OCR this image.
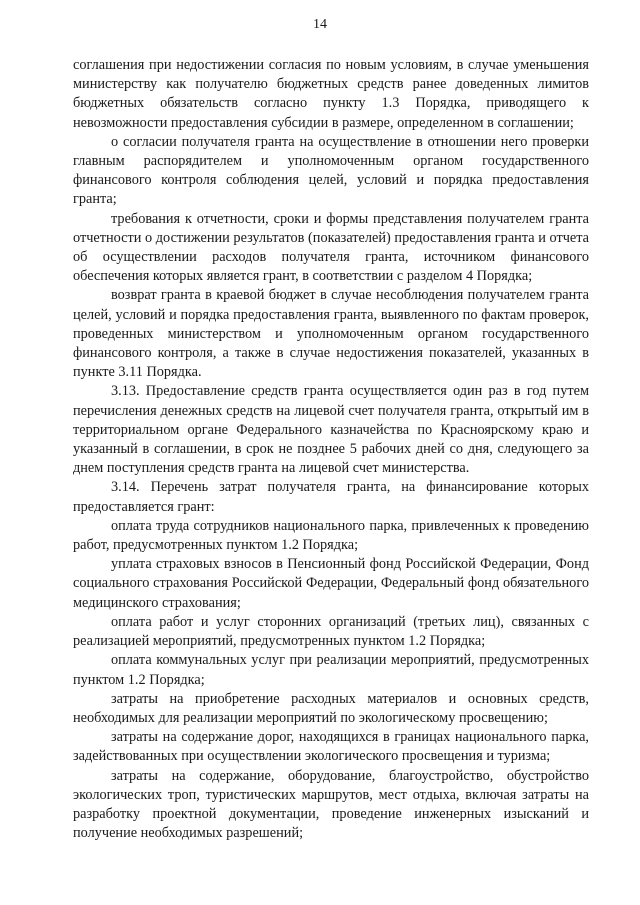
14

соглашения при недостижении согласия по новым условиям, в случае уменьшения министерству как получателю бюджетных средств ранее доведенных лимитов бюджетных обязательств согласно пункту 1.3 Порядка, приводящего к невозможности предоставления субсидии в размере, определенном в соглашении;

о согласии получателя гранта на осуществление в отношении него проверки главным распорядителем и уполномоченным органом государственного финансового контроля соблюдения целей, условий и порядка предоставления гранта;

требования к отчетности, сроки и формы представления получателем гранта отчетности о достижении результатов (показателей) предоставления гранта и отчета об осуществлении расходов получателя гранта, источником финансового обеспечения которых является грант, в соответствии с разделом 4 Порядка;

возврат гранта в краевой бюджет в случае несоблюдения получателем гранта целей, условий и порядка предоставления гранта, выявленного по фактам проверок, проведенных министерством и уполномоченным органом государственного финансового контроля, а также в случае недостижения показателей, указанных в пункте 3.11 Порядка.

3.13. Предоставление средств гранта осуществляется один раз в год путем перечисления денежных средств на лицевой счет получателя гранта, открытый им в территориальном органе Федерального казначейства по Красноярскому краю и указанный в соглашении, в срок не позднее 5 рабочих дней со дня, следующего за днем поступления средств гранта на лицевой счет министерства.

3.14. Перечень затрат получателя гранта, на финансирование которых предоставляется грант:

оплата труда сотрудников национального парка, привлеченных к проведению работ, предусмотренных пунктом 1.2 Порядка;

уплата страховых взносов в Пенсионный фонд Российской Федерации, Фонд социального страхования Российской Федерации, Федеральный фонд обязательного медицинского страхования;

оплата работ и услуг сторонних организаций (третьих лиц), связанных с реализацией мероприятий, предусмотренных пунктом 1.2 Порядка;

оплата коммунальных услуг при реализации мероприятий, предусмотренных пунктом 1.2 Порядка;

затраты на приобретение расходных материалов и основных средств, необходимых для реализации мероприятий по экологическому просвещению;

затраты на содержание дорог, находящихся в границах национального парка, задействованных при осуществлении экологического просвещения и туризма;

затраты на содержание, оборудование, благоустройство, обустройство экологических троп, туристических маршрутов, мест отдыха, включая затраты на разработку проектной документации, проведение инженерных изысканий и получение необходимых разрешений;
